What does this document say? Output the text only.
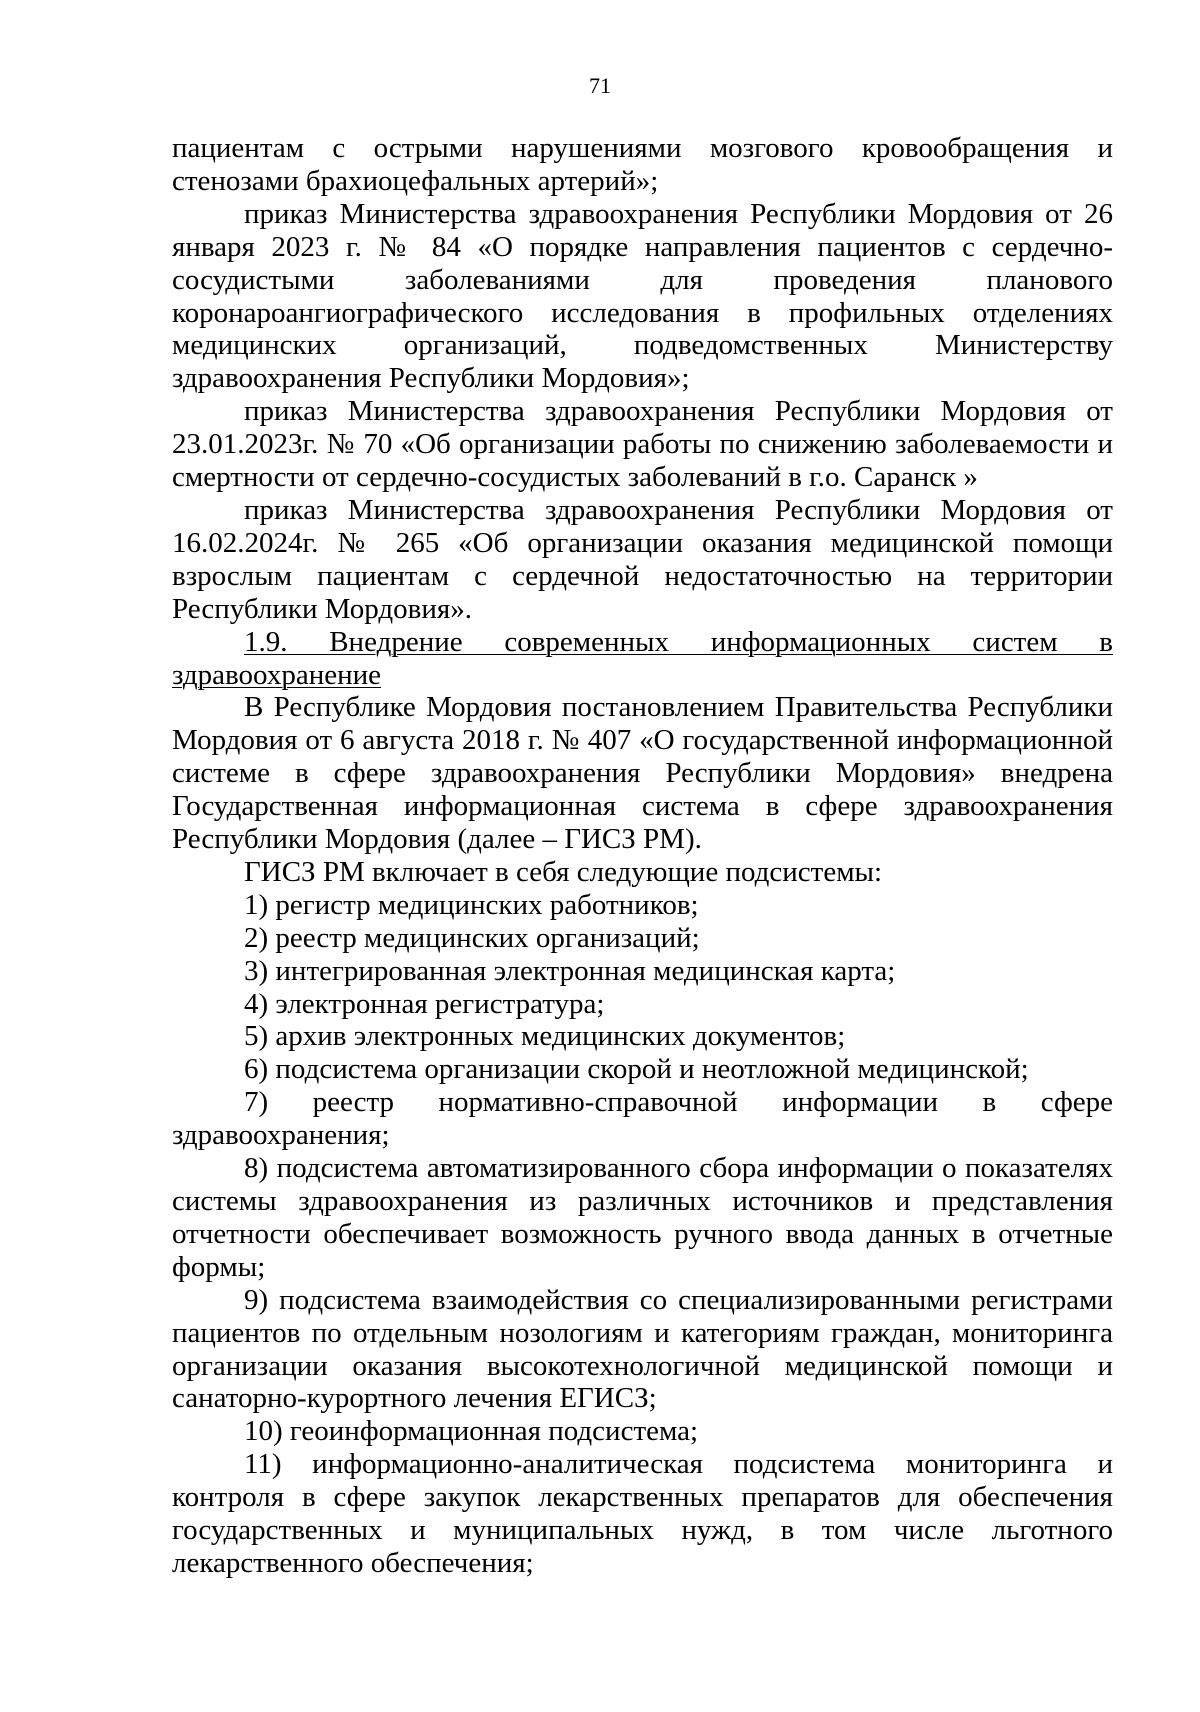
71

пациентам с острыми нарушениями мозгового кровообращения и стенозами брахиоцефальных артерий»;

приказ Министерства здравоохранения Республики Мордовия от 26 января 2023 г. № 84 «О порядке направления пациентов с сердечно-сосудистыми заболеваниями для проведения планового коронароангиографического исследования в профильных отделениях медицинских организаций, подведомственных Министерству здравоохранения Республики Мордовия»;

приказ Министерства здравоохранения Республики Мордовия от 23.01.2023г. № 70 «Об организации работы по снижению заболеваемости и смертности от сердечно-сосудистых заболеваний в г.о. Саранск »

приказ Министерства здравоохранения Республики Мордовия от 16.02.2024г. № 265 «Об организации оказания медицинской помощи взрослым пациентам с сердечной недостаточностью на территории Республики Мордовия».

1.9. Внедрение современных информационных систем в здравоохранение

В Республике Мордовия постановлением Правительства Республики Мордовия от 6 августа 2018 г. № 407 «О государственной информационной системе в сфере здравоохранения Республики Мордовия» внедрена Государственная информационная система в сфере здравоохранения Республики Мордовия (далее – ГИСЗ РМ).

ГИСЗ РМ включает в себя следующие подсистемы:

1) регистр медицинских работников;

2) реестр медицинских организаций;

3) интегрированная электронная медицинская карта;

4) электронная регистратура;

5) архив электронных медицинских документов;

6) подсистема организации скорой и неотложной медицинской;

7) реестр нормативно-справочной информации в сфере здравоохранения;

8) подсистема автоматизированного сбора информации о показателях системы здравоохранения из различных источников и представления отчетности обеспечивает возможность ручного ввода данных в отчетные формы;

9) подсистема взаимодействия со специализированными регистрами пациентов по отдельным нозологиям и категориям граждан, мониторинга организации оказания высокотехнологичной медицинской помощи и санаторно-курортного лечения ЕГИСЗ;

10) геоинформационная подсистема;

11) информационно-аналитическая подсистема мониторинга и контроля в сфере закупок лекарственных препаратов для обеспечения государственных и муниципальных нужд, в том числе льготного лекарственного обеспечения;
